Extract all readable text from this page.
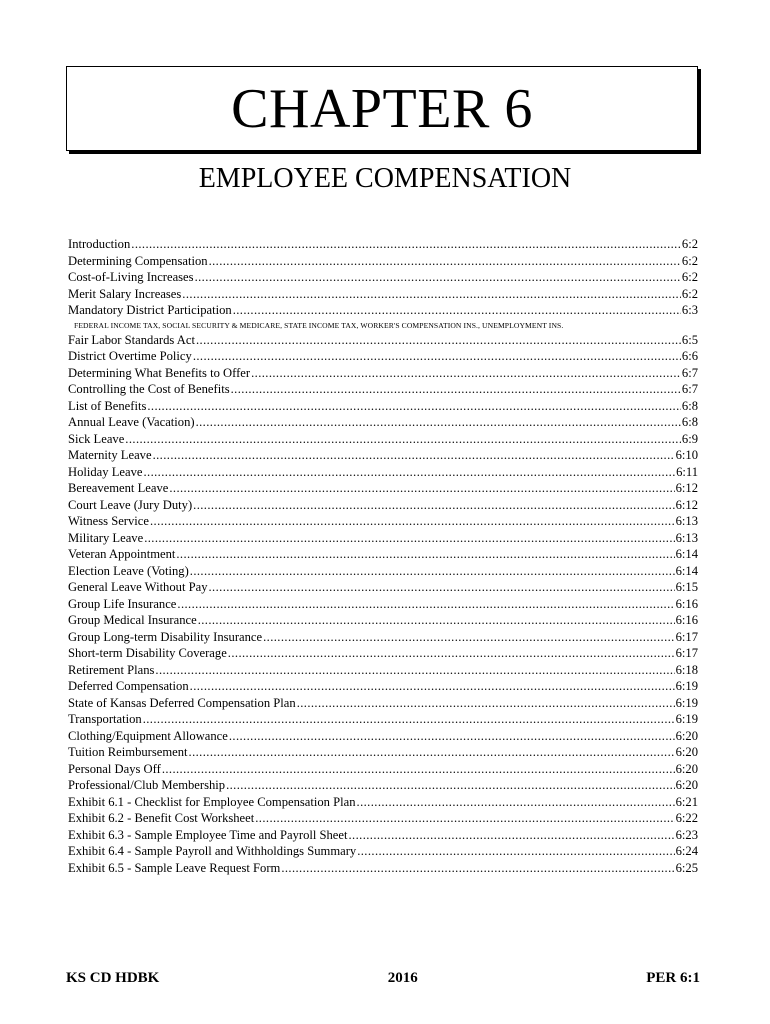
CHAPTER 6
EMPLOYEE COMPENSATION
Introduction .....	6:2
Determining Compensation .....	6:2
Cost-of-Living Increases .....	6:2
Merit Salary Increases .....	6:2
Mandatory District Participation .....	6:3
FEDERAL INCOME TAX, SOCIAL SECURITY & MEDICARE, STATE INCOME TAX, WORKER'S COMPENSATION INS., UNEMPLOYMENT INS.
Fair Labor Standards Act .....	6:5
District Overtime Policy .....	6:6
Determining What Benefits to Offer .....	6:7
Controlling the Cost of Benefits .....	6:7
List of Benefits .....	6:8
Annual Leave (Vacation) .....	6:8
Sick Leave .....	6:9
Maternity Leave .....	6:10
Holiday Leave .....	6:11
Bereavement Leave .....	6:12
Court Leave (Jury Duty) .....	6:12
Witness Service .....	6:13
Military Leave .....	6:13
Veteran Appointment .....	6:14
Election Leave (Voting) .....	6:14
General Leave Without Pay .....	6:15
Group Life Insurance .....	6:16
Group Medical Insurance .....	6:16
Group Long-term Disability Insurance .....	6:17
Short-term Disability Coverage .....	6:17
Retirement Plans .....	6:18
Deferred Compensation .....	6:19
State of Kansas Deferred Compensation Plan .....	6:19
Transportation .....	6:19
Clothing/Equipment Allowance .....	6:20
Tuition Reimbursement .....	6:20
Personal Days Off .....	6:20
Professional/Club Membership .....	6:20
Exhibit 6.1 - Checklist for Employee Compensation Plan .....	6:21
Exhibit 6.2 - Benefit Cost Worksheet .....	6:22
Exhibit 6.3 - Sample Employee Time and Payroll Sheet .....	6:23
Exhibit 6.4 - Sample Payroll and Withholdings Summary .....	6:24
Exhibit 6.5 - Sample Leave Request Form .....	6:25
KS CD HDBK	2016	PER 6:1
